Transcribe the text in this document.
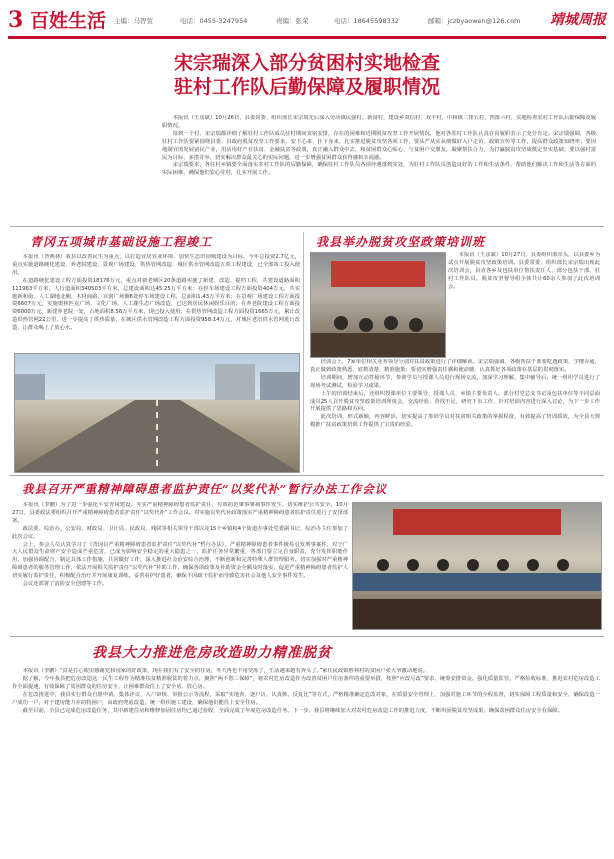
3 百姓生活 主编：马智萱	电话：0455-3247954	责编：张荣	电话：18645598332	邮箱：jczbyaowen@126.com 靖城周报
宋宗瑞深入部分贫困村实地检查
驻村工作队后勤保障及履职情况

本报讯（王彦斌）10月26日，县委常委、组织部长宋宗瑞先后深入劳动镇民强村、新富村，建设乡双信村、双丰村，中和镇二排五村，四排六村，实地检查驻村工作队后勤保障及履职情况。

每到一个村，宋宗瑞都详细了解驻村工作队成员驻村期间食宿安排，存在的困难和近期脱贫攻坚工作开展情况，他对各驻村工作队认真在岗履职表示了充分肯定。宋宗瑞强调，各级驻村工作队要紧围绕县委、县政府脱贫攻坚工作要求，安下心来、扑下身来，扎实推进脱贫攻坚各项工作，要从严从实从细做好入户走访、政策宣传等工作，提高群众政策知晓率；要因地制宜的发展富民产业，用活用好产业扶贫、金融扶贫等政策，真正融入群众中去，和贫困群众心贴心、与贫困户交朋友，凝聚帮扶合力，为打赢脱贫攻坚战奠定坚实基础；要以强村富民为目标，多措并举，切实解决群众最关心的实际问题，进一步增强贫困群众获得感和幸福感。

宋宗瑞要求，各驻村乡镇要全面落实驻村工作队的后勤保障，确保驻村工作队员各项待遇落到实处，为驻村工作队员创造良好的工作和生活条件，帮助他们解决工作和生活等方面的实际困难，确保他们安心驻村，扎实开展工作。

青冈五项城市基础设施工程竣工

本报讯（昝燕林）我县以改善民生为重点，以打造宜居宜业环境、加快生态田园城建设为目标，今年总投资2.7亿元，重点实施道路硬化建设、养老院建设、景观广场建设、供热管网改造、城区供水管网改造五项工程建设，已全部竣工投入使用。

在道路硬化建设工程方面投资18176万元，重点对新老城区20条道路实施了新建、改造、提档工程，共建设道路面积111963平方米，人行道面积340503平方米，总建设面积达45.25万平方米；在停车场建设工程方面投资404万元，共实施新和街、人工湖地北侧、木材商路、百润广场侧6处停车场建设工程，总面积1.43万平方米；在景观广场建设工程方面投资6607万元，实施奥林匹克广场、文化广场、人工湖生态广场改造，已达到居民休闲娱乐目的；在养老院建设工程方面投资6000万元，新建养老院一处，占地面积8.56万平方米，现已投入使用；在供热管网改造工程方面投资1665万元，累计改造供热管网22公里，进一步提高了供热质量；在城区供水管网改造工程方面投资958.14万元，对城区老旧供水管网进行改造，让群众喝上了放心水。

我县举办脱贫攻坚政策培训班

本报讯（王彦斌）10月27日，县委组织部牵头，以县委乡为试点开展脱贫攻坚政策培训。县委常委、组织部长宋宗瑞出席此次培训会，县直各乡及包扶单位帮扶责任人、部分包扶干部、驻村工作队员、脱贫攻坚督导组全体共计60余人参加了此次培训会。

培训会上，7家单位相关业务领导分别对扶贫政策进行了详细解读。宋宗瑞强调，各级帮扶干部要吃透政策，学懂弄通，真正做到政策熟悉、底数清楚、精准施策；要切实增强责任感和使命感，认真抓好各项政策在基层的贯彻落实。

培训期间，增加互动答疑环节，参训学员与授课人员进行现场交流，加深学习理解，集中辅导后，统一组织学员进行了现场考试测试，检验学习成果。

上午的培训结束后，还组织授课单位主要领导、授课人员、乡镇主要负责人、部分村党总支书记及包扶单位等不同层面成员25人召开脱贫攻坚政策培训座谈会，交流经验、查找不足，研究下步工作，针对培训内容进行深入讨论，为下一步工作开展提供了思路和方向。

此次培训，形式新颖，内容鲜活，切实提高了参训学员对扶贫相关政策的掌握程度，有效提高了培训质效，为全县大规模推广扶贫政策培训工作提供了宝贵的经验。

我县召开严重精神障碍患者监护责任“以奖代补”暂行办法工作会议

本报讯（李鹏）为了进一步强化平安青冈建设，夯实严重精神障碍患者监护责任，有效防范肇事肇祸事件发生，切实维护公共安全，10月27日，县委政法委组织召开严重精神障碍患者监护责任“以奖代补”工作会议。对实施以奖代补政策落实严重精神障碍患者监护责任进行了安排部署。

政法委、综治办、公安局、财政局、卫计局、民政局、残联等相关领导干部以及15个乡镇和4个街道办事处党委副书记、综治办主任参加了此次会议。

会上，参会人员认真学习了《青冈县严重精神障碍患者监护责任“以奖代补”暂行办法》，严重精神障碍患者事件极易引发刑事案件，对于广大人民群众生命财产安全造成严重危害，已成为影响安全稳定的重大隐患之一，监护任务异常繁重，各部门要立足自身职责，充分发挥职能作用，加强协调配合，制定具体工作措施，共同做好工作，深入推进社会治安综合治理，不断创新和完善特殊人群管理服务。切实加强对严重精神障碍患者的服务管理工作，依法开展相关监护责任“以奖代补”补助工作，确保各项政策及补助资金全额及时落实，促进严重精神障碍患者监护人切实履行监护责任，积极配合治疗并开展康复训练，妥善看护好患者，确保不因疏于监护而导致危害社会及他人安全事件发生。

会议还部署了消防安全创建等工作。

我县大力推进危房改造助力精准脱贫

本报讯（李鹏）“真是打心眼里感谢党和国家的好政策，现在我们有了安全的住房，冬天再也不用受冻了，生活越来越有奔头了。”家住民政镇胜利村的贫困户张大爷激动地说。

据了解，今年我县把危房改造这一民生工程作为精准扶贫精准脱贫的着力点，聚焦“两不愁三保障”，将农村危房改造作为改善贫困户住房条件的重要举措，按照“应改尽改”要求，统筹安排资金，强化质量监管，严格验收标准，推进农村危房改造工作全面提速，有效保障了贫困群众的住房安全，让困难群众住上了安全房、放心房。

在危改推进中，我县实行群众自愿申请、集体评议、入户审核、审批公示等流程，采取“实地查、逐户访、认真核、反复比”等方式，严格精准确定危改对象，在质量安全管理上，加强对施工环节的全程监督，切实保障工程质量和安全，确保改造一户成功一户，对于建房能力差的特困户，由政府兜底改造，统一组织施工建设，确保他们能住上安全住房。

截至目前，全县已完成危房改造任务，其中新建住房和维修加固住房均已通过验收，全面完成了年度危房改造任务。下一步，我县将继续加大对农村危房改造工作的推进力度，不断巩固脱贫攻坚成果，确保贫困群众住房安全有保障。
